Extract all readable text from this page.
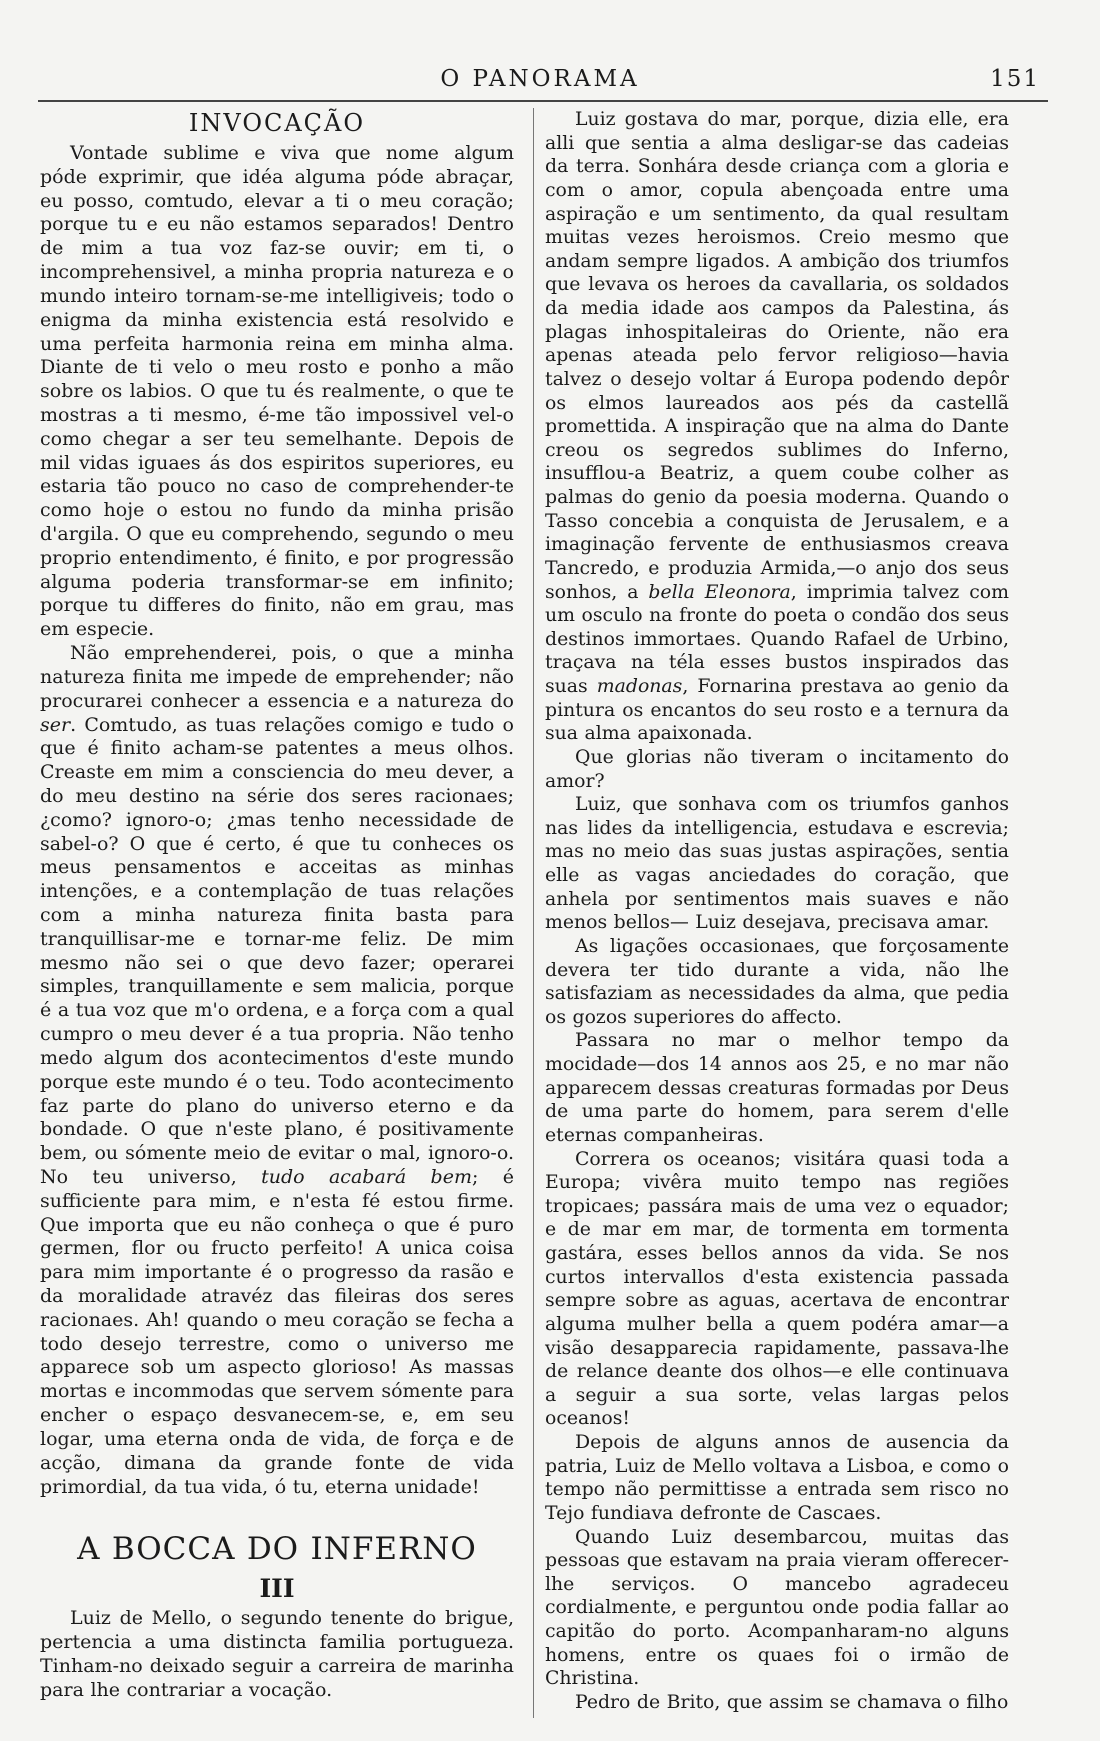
O PANORAMA	151
INVOCAÇÃO

Vontade sublime e viva que nome algum póde exprimir, que idéa alguma póde abraçar, eu posso, comtudo, elevar a ti o meu coração; porque tu e eu não estamos separados! Dentro de mim a tua voz faz-se ouvir; em ti, o incomprehensivel, a minha propria natureza e o mundo inteiro tornam-se-me intelligiveis; todo o enigma da minha existencia está resolvido e uma perfeita harmonia reina em minha alma. Diante de ti velo o meu rosto e ponho a mão sobre os labios. O que tu és realmente, o que te mostras a ti mesmo, é-me tão impossivel vel-o como chegar a ser teu semelhante. Depois de mil vidas iguaes ás dos espiritos superiores, eu estaria tão pouco no caso de comprehender-te como hoje o estou no fundo da minha prisão d'argila. O que eu comprehendo, segundo o meu proprio entendimento, é finito, e por progressão alguma poderia transformar-se em infinito; porque tu differes do finito, não em grau, mas em especie.

Não emprehenderei, pois, o que a minha natureza finita me impede de emprehender; não procurarei conhecer a essencia e a natureza do ser. Comtudo, as tuas relações comigo e tudo o que é finito acham-se patentes a meus olhos. Creaste em mim a consciencia do meu dever, a do meu destino na série dos seres racionaes; ¿como? ignoro-o; ¿mas tenho necessidade de sabel-o? O que é certo, é que tu conheces os meus pensamentos e acceitas as minhas intenções, e a contemplação de tuas relações com a minha natureza finita basta para tranquillisar-me e tornar-me feliz. De mim mesmo não sei o que devo fazer; operarei simples, tranquillamente e sem malicia, porque é a tua voz que m'o ordena, e a força com a qual cumpro o meu dever é a tua propria. Não tenho medo algum dos acontecimentos d'este mundo porque este mundo é o teu. Todo acontecimento faz parte do plano do universo eterno e da bondade. O que n'este plano, é positivamente bem, ou sómente meio de evitar o mal, ignoro-o. No teu universo, tudo acabará bem; é sufficiente para mim, e n'esta fé estou firme. Que importa que eu não conheça o que é puro germen, flor ou fructo perfeito! A unica coisa para mim importante é o progresso da rasão e da moralidade atravéz das fileiras dos seres racionaes. Ah! quando o meu coração se fecha a todo desejo terrestre, como o universo me apparece sob um aspecto glorioso! As massas mortas e incommodas que servem sómente para encher o espaço desvanecem-se, e, em seu logar, uma eterna onda de vida, de força e de acção, dimana da grande fonte de vida primordial, da tua vida, ó tu, eterna unidade!

A BOCCA DO INFERNO
III

Luiz de Mello, o segundo tenente do brigue, pertencia a uma distincta familia portugueza. Tinham-no deixado seguir a carreira de marinha para lhe contrariar a vocação.

Luiz gostava do mar, porque, dizia elle, era alli que sentia a alma desligar-se das cadeias da terra. Sonhára desde criança com a gloria e com o amor, copula abençoada entre uma aspiração e um sentimento, da qual resultam muitas vezes heroismos. Creio mesmo que andam sempre ligados. A ambição dos triumfos que levava os heroes da cavallaria, os soldados da media idade aos campos da Palestina, ás plagas inhospitaleiras do Oriente, não era apenas ateada pelo fervor religioso—havia talvez o desejo voltar á Europa podendo depôr os elmos laureados aos pés da castellã promettida. A inspiração que na alma do Dante creou os segredos sublimes do Inferno, insufflou-a Beatriz, a quem coube colher as palmas do genio da poesia moderna. Quando o Tasso concebia a conquista de Jerusalem, e a imaginação fervente de enthusiasmos creava Tancredo, e produzia Armida,—o anjo dos seus sonhos, a bella Eleonora, imprimia talvez com um osculo na fronte do poeta o condão dos seus destinos immortaes. Quando Rafael de Urbino, traçava na téla esses bustos inspirados das suas madonas, Fornarina prestava ao genio da pintura os encantos do seu rosto e a ternura da sua alma apaixonada.

Que glorias não tiveram o incitamento do amor?

Luiz, que sonhava com os triumfos ganhos nas lides da intelligencia, estudava e escrevia; mas no meio das suas justas aspirações, sentia elle as vagas anciedades do coração, que anhela por sentimentos mais suaves e não menos bellos— Luiz desejava, precisava amar.

As ligações occasionaes, que forçosamente devera ter tido durante a vida, não lhe satisfaziam as necessidades da alma, que pedia os gozos superiores do affecto.

Passara no mar o melhor tempo da mocidade—dos 14 annos aos 25, e no mar não apparecem dessas creaturas formadas por Deus de uma parte do homem, para serem d'elle eternas companheiras.

Correra os oceanos; visitára quasi toda a Europa; vivêra muito tempo nas regiões tropicaes; passára mais de uma vez o equador; e de mar em mar, de tormenta em tormenta gastára, esses bellos annos da vida. Se nos curtos intervallos d'esta existencia passada sempre sobre as aguas, acertava de encontrar alguma mulher bella a quem podéra amar—a visão desapparecia rapidamente, passava-lhe de relance deante dos olhos—e elle continuava a seguir a sua sorte, velas largas pelos oceanos!

Depois de alguns annos de ausencia da patria, Luiz de Mello voltava a Lisboa, e como o tempo não permittisse a entrada sem risco no Tejo fundiava defronte de Cascaes.

Quando Luiz desembarcou, muitas das pessoas que estavam na praia vieram offerecer-lhe serviços. O mancebo agradeceu cordialmente, e perguntou onde podia fallar ao capitão do porto. Acompanharam-no alguns homens, entre os quaes foi o irmão de Christina.

Pedro de Brito, que assim se chamava o filho
